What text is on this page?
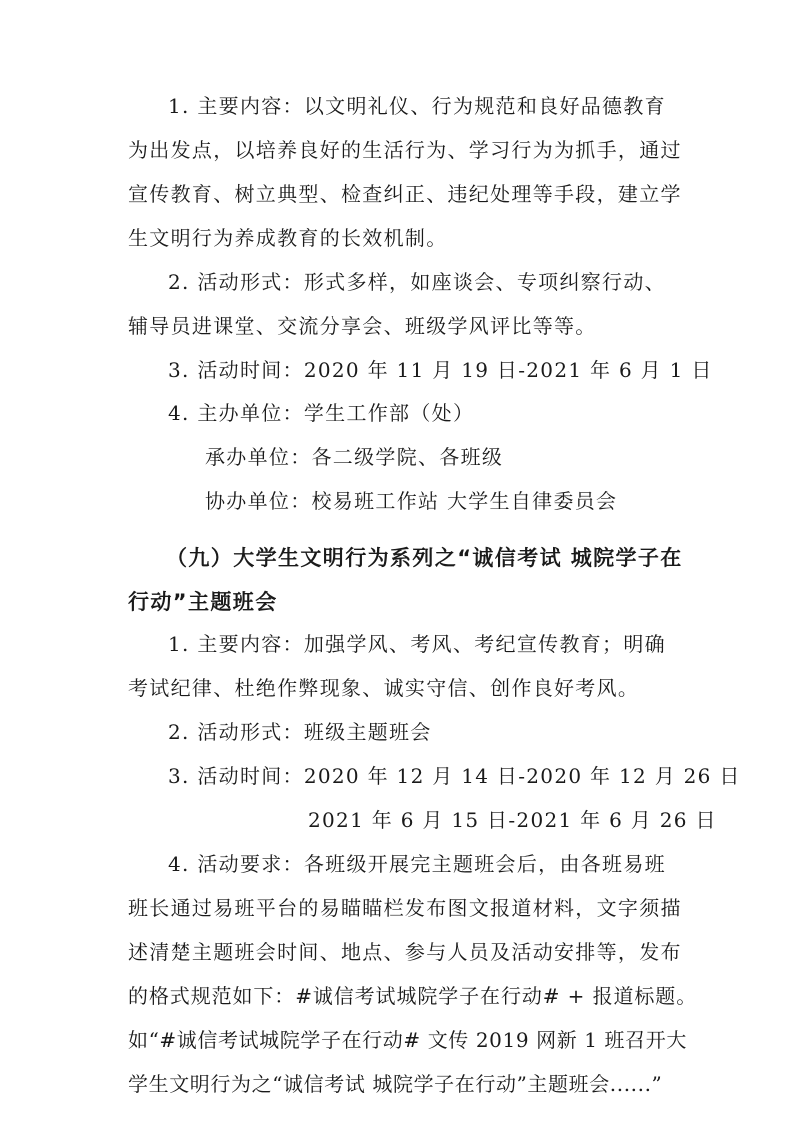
1. 主要内容：以文明礼仪、行为规范和良好品德教育
为出发点，以培养良好的生活行为、学习行为为抓手，通过
宣传教育、树立典型、检查纠正、违纪处理等手段，建立学
生文明行为养成教育的长效机制。
2. 活动形式：形式多样，如座谈会、专项纠察行动、
辅导员进课堂、交流分享会、班级学风评比等等。
3. 活动时间：2020 年 11 月 19 日-2021 年 6 月 1 日
4. 主办单位：学生工作部（处）
承办单位：各二级学院、各班级
协办单位：校易班工作站 大学生自律委员会
（九）大学生文明行为系列之“诚信考试 城院学子在
行动”主题班会
1. 主要内容：加强学风、考风、考纪宣传教育；明确
考试纪律、杜绝作弊现象、诚实守信、创作良好考风。
2. 活动形式：班级主题班会
3. 活动时间：2020 年 12 月 14 日-2020 年 12 月 26 日
2021 年 6 月 15 日-2021 年 6 月 26 日
4. 活动要求：各班级开展完主题班会后，由各班易班
班长通过易班平台的易瞄瞄栏发布图文报道材料，文字须描
述清楚主题班会时间、地点、参与人员及活动安排等，发布
的格式规范如下：#诚信考试城院学子在行动# + 报道标题。
如“#诚信考试城院学子在行动# 文传 2019 网新 1 班召开大
学生文明行为之“诚信考试 城院学子在行动”主题班会......”
